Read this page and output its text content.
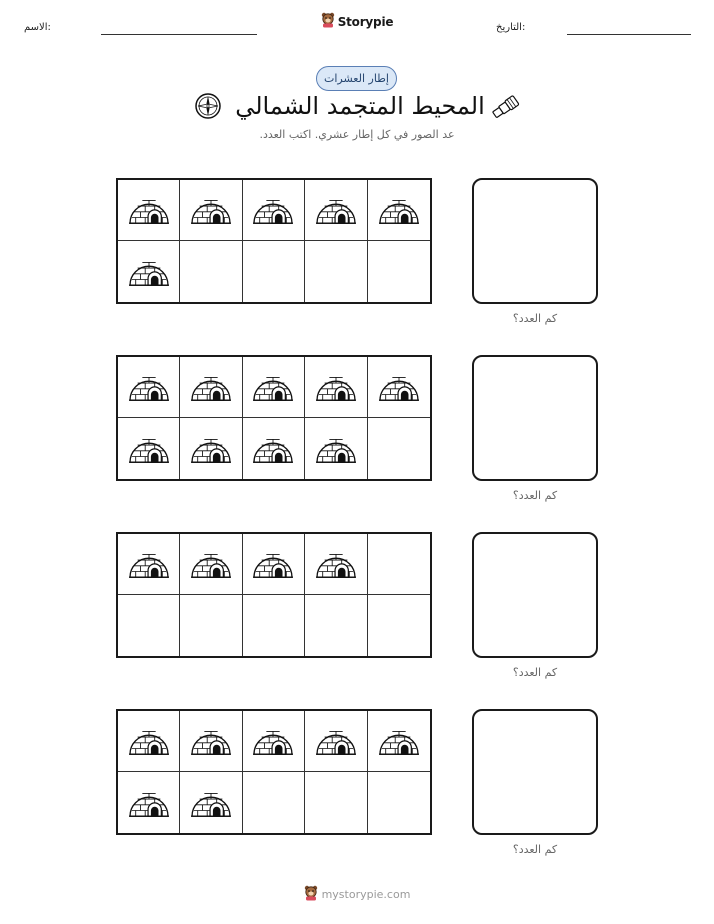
الاسم:	التاريخ:
Storypie
إطار العشرات
المحيط المتجمد الشمالي
عد الصور في كل إطار عشري. اكتب العدد.
كم العدد؟
كم العدد؟
كم العدد؟
كم العدد؟
mystorypie.com
